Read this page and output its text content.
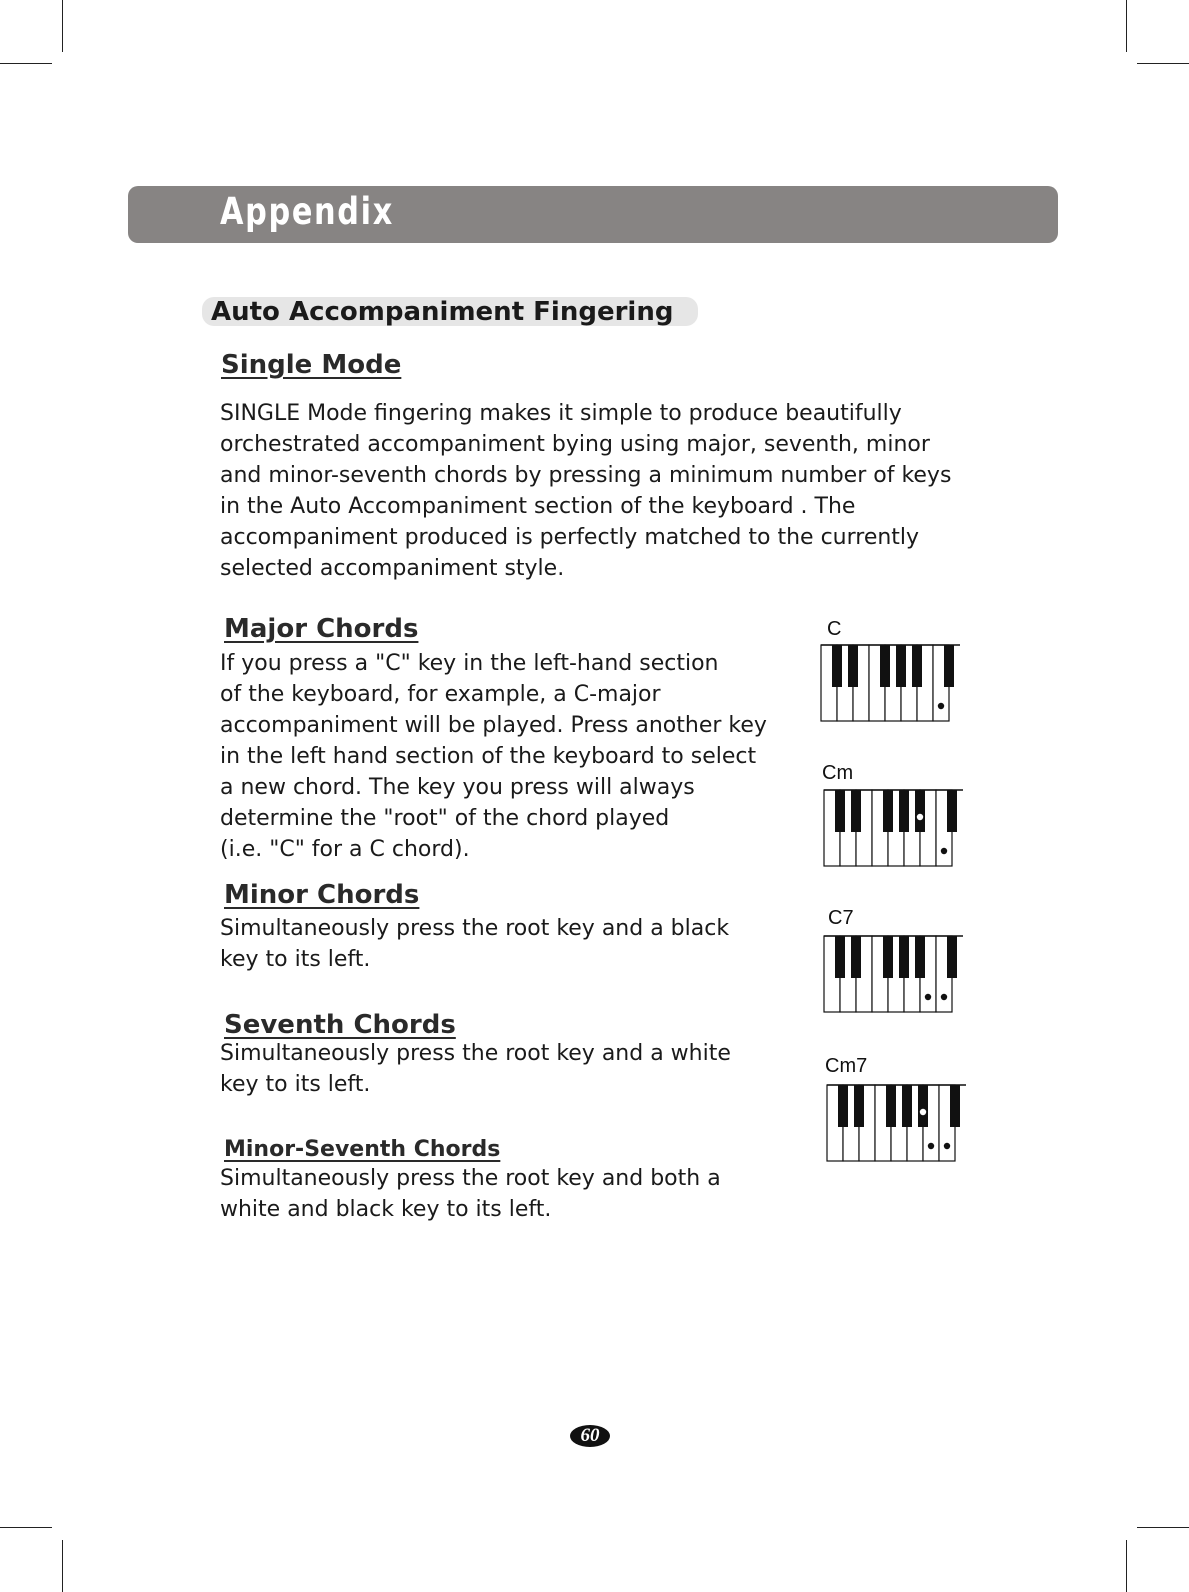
Appendix
Auto Accompaniment Fingering
Single Mode
SINGLE Mode fingering makes it simple to produce beautifully
orchestrated accompaniment bying using major, seventh, minor
and minor-seventh chords by pressing a minimum number of keys
in the Auto Accompaniment section of the keyboard . The
accompaniment produced is perfectly matched to the currently
selected accompaniment style.
Major Chords
If you press a "C" key in the left-hand section
of the keyboard, for example, a C-major
accompaniment will be played. Press another key
in the left hand section of the keyboard to select
a new chord. The key you press will always
determine the "root" of the chord played
(i.e. "C" for a C chord).
Minor Chords
Simultaneously press the root key and a black
key to its left.
Seventh Chords
Simultaneously press the root key and a white
key to its left.
Minor-Seventh Chords
Simultaneously press the root key and both a
white and black key to its left.
C
Cm
C7
Cm7
60
